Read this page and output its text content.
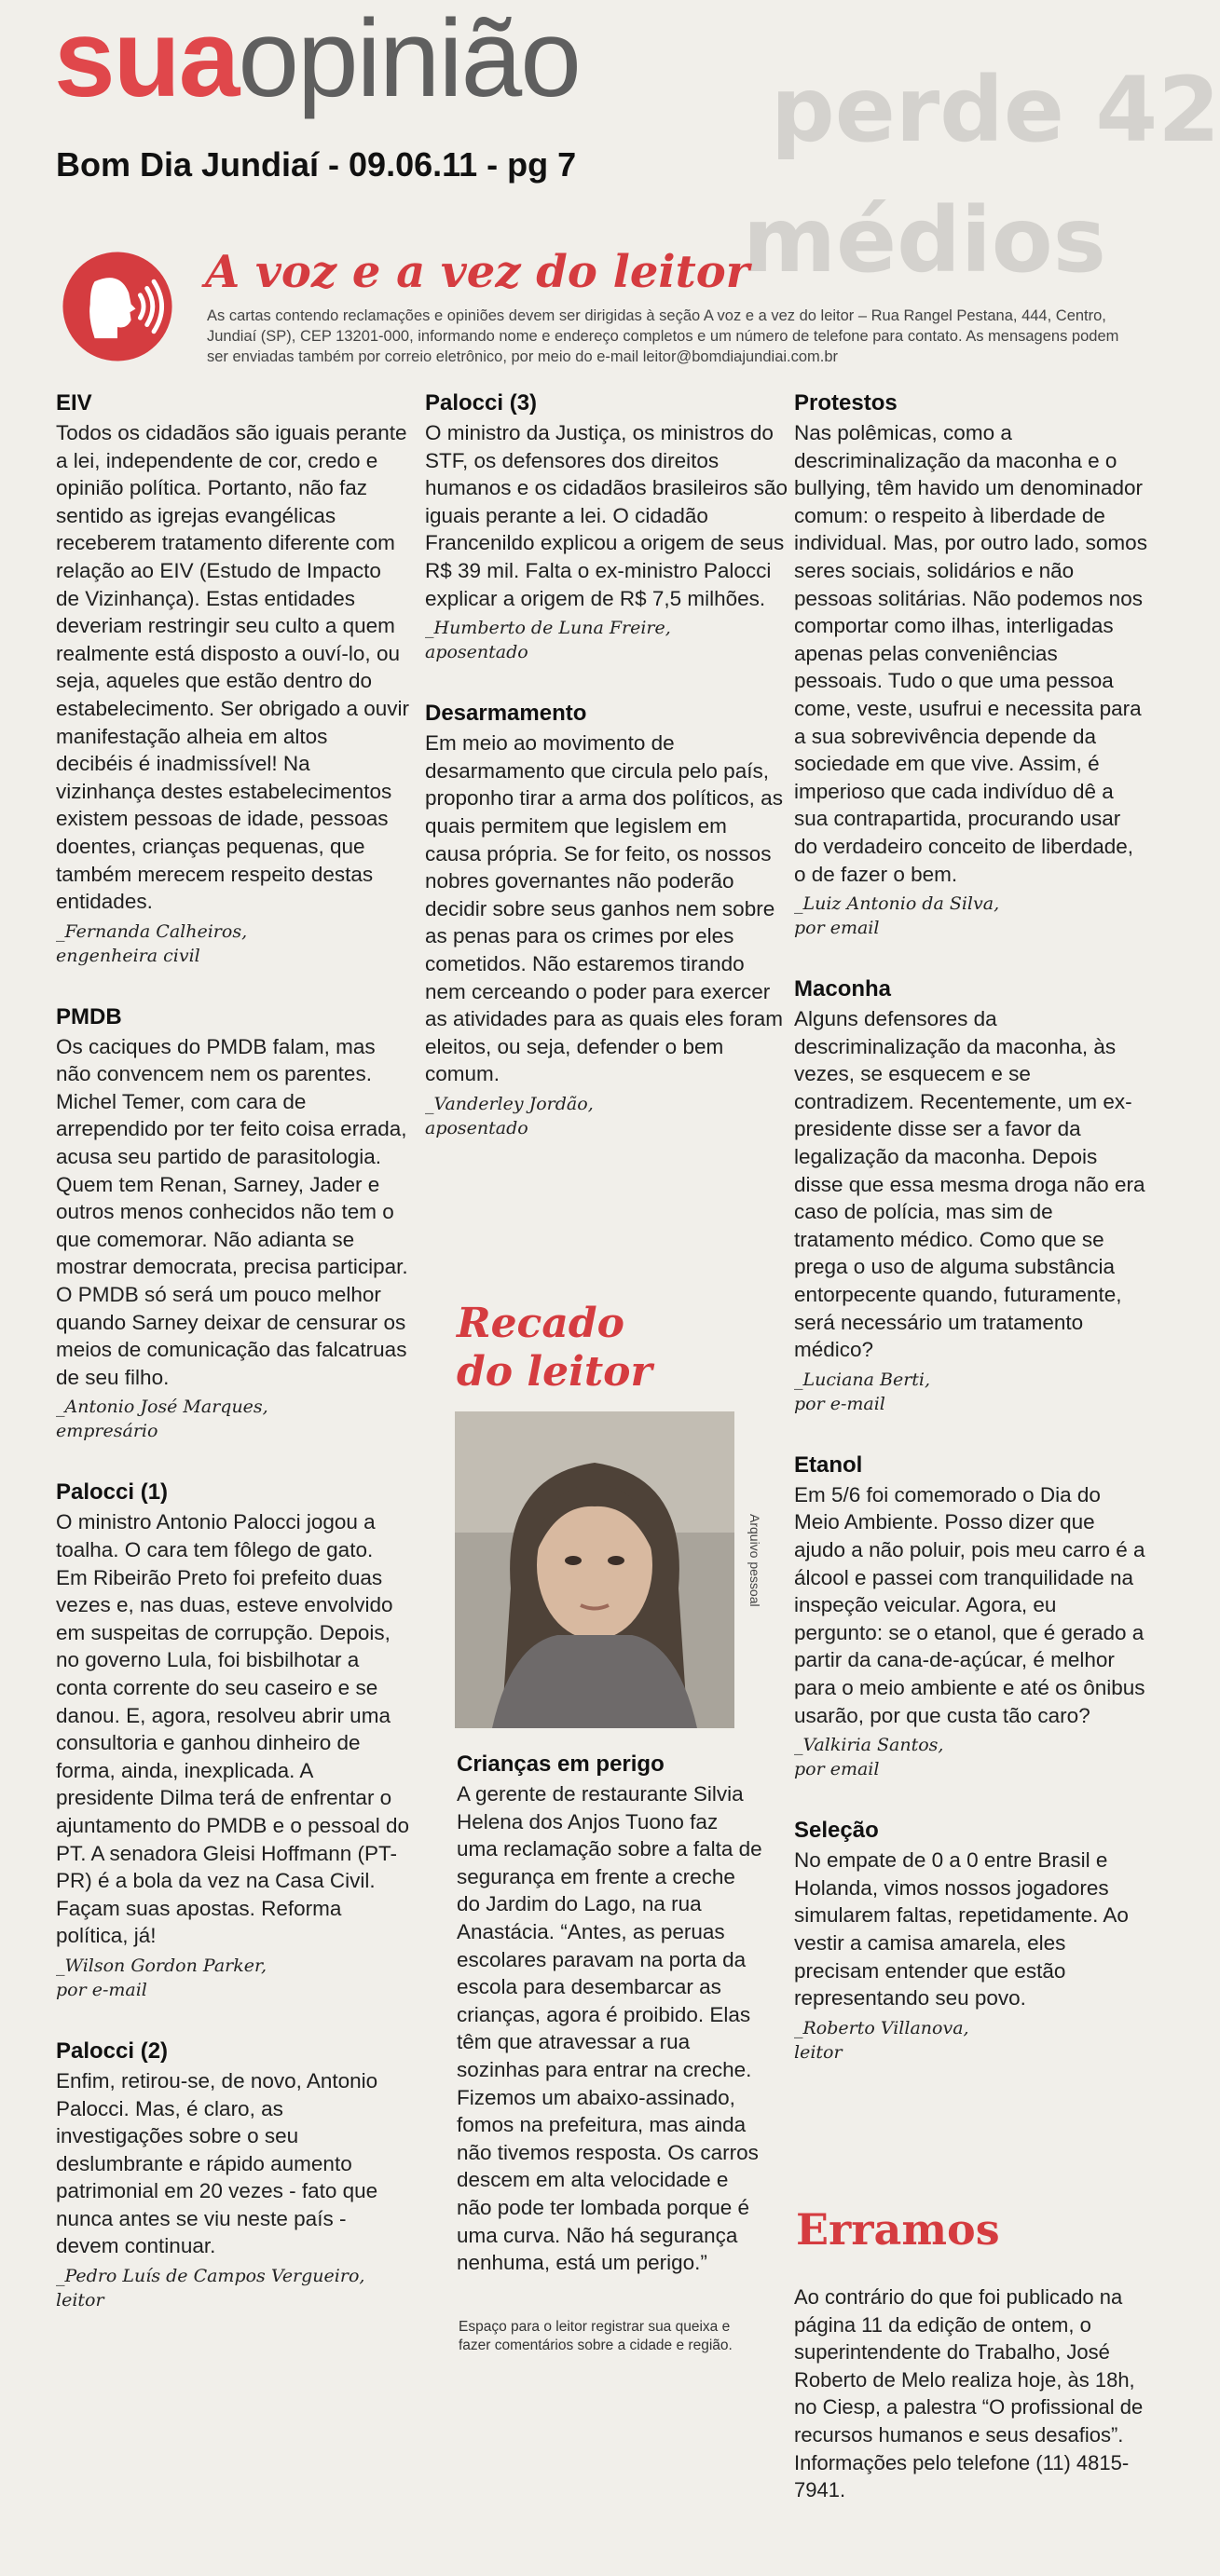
perde 42
médios
suaopinião
Bom Dia Jundiaí - 09.06.11 - pg 7
A voz e a vez do leitor

As cartas contendo reclamações e opiniões devem ser dirigidas à seção A voz e a vez do leitor – Rua Rangel Pestana, 444, Centro, Jundiaí (SP), CEP 13201-000, informando nome e endereço completos e um número de telefone para contato. As mensagens podem ser enviadas também por correio eletrônico, por meio do e-mail leitor@bomdiajundiai.com.br

EIV

Todos os cidadãos são iguais perante a lei, independente de cor, credo e opinião política. Portanto, não faz sentido as igrejas evangélicas receberem tratamento diferente com relação ao EIV (Estudo de Impacto de Vizinhança). Estas entidades deveriam restringir seu culto a quem realmente está disposto a ouví-lo, ou seja, aqueles que estão dentro do estabelecimento. Ser obrigado a ouvir manifestação alheia em altos decibéis é inadmissível! Na vizinhança destes estabelecimentos existem pessoas de idade, pessoas doentes, crianças pequenas, que também merecem respeito destas entidades.

_Fernanda Calheiros,
engenheira civil
PMDB

Os caciques do PMDB falam, mas não convencem nem os parentes. Michel Temer, com cara de arrependido por ter feito coisa errada, acusa seu partido de parasitologia. Quem tem Renan, Sarney, Jader e outros menos conhecidos não tem o que comemorar. Não adianta se mostrar democrata, precisa participar. O PMDB só será um pouco melhor quando Sarney deixar de censurar os meios de comunicação das falcatruas de seu filho.

_Antonio José Marques,
empresário
Palocci (1)

O ministro Antonio Palocci jogou a toalha. O cara tem fôlego de gato. Em Ribeirão Preto foi prefeito duas vezes e, nas duas, esteve envolvido em suspeitas de corrupção. Depois, no governo Lula, foi bisbilhotar a conta corrente do seu caseiro e se danou. E, agora, resolveu abrir uma consultoria e ganhou dinheiro de forma, ainda, inexplicada. A presidente Dilma terá de enfrentar o ajuntamento do PMDB e o pessoal do PT. A senadora Gleisi Hoffmann (PT-PR) é a bola da vez na Casa Civil. Façam suas apostas. Reforma política, já!

_Wilson Gordon Parker,
por e-mail
Palocci (2)

Enfim, retirou-se, de novo, Antonio Palocci. Mas, é claro, as investigações sobre o seu deslumbrante e rápido aumento patrimonial em 20 vezes - fato que nunca antes se viu neste país - devem continuar.

_Pedro Luís de Campos Vergueiro,
leitor
Palocci (3)

O ministro da Justiça, os ministros do STF, os defensores dos direitos humanos e os cidadãos brasileiros são iguais perante a lei. O cidadão Francenildo explicou a origem de seus R$ 39 mil. Falta o ex-ministro Palocci explicar a origem de R$ 7,5 milhões.

_Humberto de Luna Freire,
aposentado
Desarmamento

Em meio ao movimento de desarmamento que circula pelo país, proponho tirar a arma dos políticos, as quais permitem que legislem em causa própria. Se for feito, os nossos nobres governantes não poderão decidir sobre seus ganhos nem sobre as penas para os crimes por eles cometidos. Não estaremos tirando nem cerceando o poder para exercer as atividades para as quais eles foram eleitos, ou seja, defender o bem comum.

_Vanderley Jordão,
aposentado
Recado
do leitor
Arquivo pessoal
Crianças em perigo

A gerente de restaurante Silvia Helena dos Anjos Tuono faz uma reclamação sobre a falta de segurança em frente a creche do Jardim do Lago, na rua Anastácia. “Antes, as peruas escolares paravam na porta da escola para desembarcar as crianças, agora é proibido. Elas têm que atravessar a rua sozinhas para entrar na creche. Fizemos um abaixo-assinado, fomos na prefeitura, mas ainda não tivemos resposta. Os carros descem em alta velocidade e não pode ter lombada porque é uma curva. Não há segurança nenhuma, está um perigo.”

Espaço para o leitor registrar sua queixa e fazer comentários sobre a cidade e região.
Protestos

Nas polêmicas, como a descriminalização da maconha e o bullying, têm havido um denominador comum: o respeito à liberdade de individual. Mas, por outro lado, somos seres sociais, solidários e não pessoas solitárias. Não podemos nos comportar como ilhas, interligadas apenas pelas conveniências pessoais. Tudo o que uma pessoa come, veste, usufrui e necessita para a sua sobrevivência depende da sociedade em que vive. Assim, é imperioso que cada indivíduo dê a sua contrapartida, procurando usar do verdadeiro conceito de liberdade, o de fazer o bem.

_Luiz Antonio da Silva,
por email
Maconha

Alguns defensores da descriminalização da maconha, às vezes, se esquecem e se contradizem. Recentemente, um ex-presidente disse ser a favor da legalização da maconha. Depois disse que essa mesma droga não era caso de polícia, mas sim de tratamento médico. Como que se prega o uso de alguma substância entorpecente quando, futuramente, será necessário um tratamento médico?

_Luciana Berti,
por e-mail
Etanol

Em 5/6 foi comemorado o Dia do Meio Ambiente. Posso dizer que ajudo a não poluir, pois meu carro é a álcool e passei com tranquilidade na inspeção veicular. Agora, eu pergunto: se o etanol, que é gerado a partir da cana-de-açúcar, é melhor para o meio ambiente e até os ônibus usarão, por que custa tão caro?

_Valkiria Santos,
por email
Seleção

No empate de 0 a 0 entre Brasil e Holanda, vimos nossos jogadores simularem faltas, repetidamente. Ao vestir a camisa amarela, eles precisam entender que estão representando seu povo.

_Roberto Villanova,
leitor
Erramos

Ao contrário do que foi publicado na página 11 da edição de ontem, o superintendente do Trabalho, José Roberto de Melo realiza hoje, às 18h, no Ciesp, a palestra “O profissional de recursos humanos e seus desafios”. Informações pelo telefone (11) 4815-7941.
